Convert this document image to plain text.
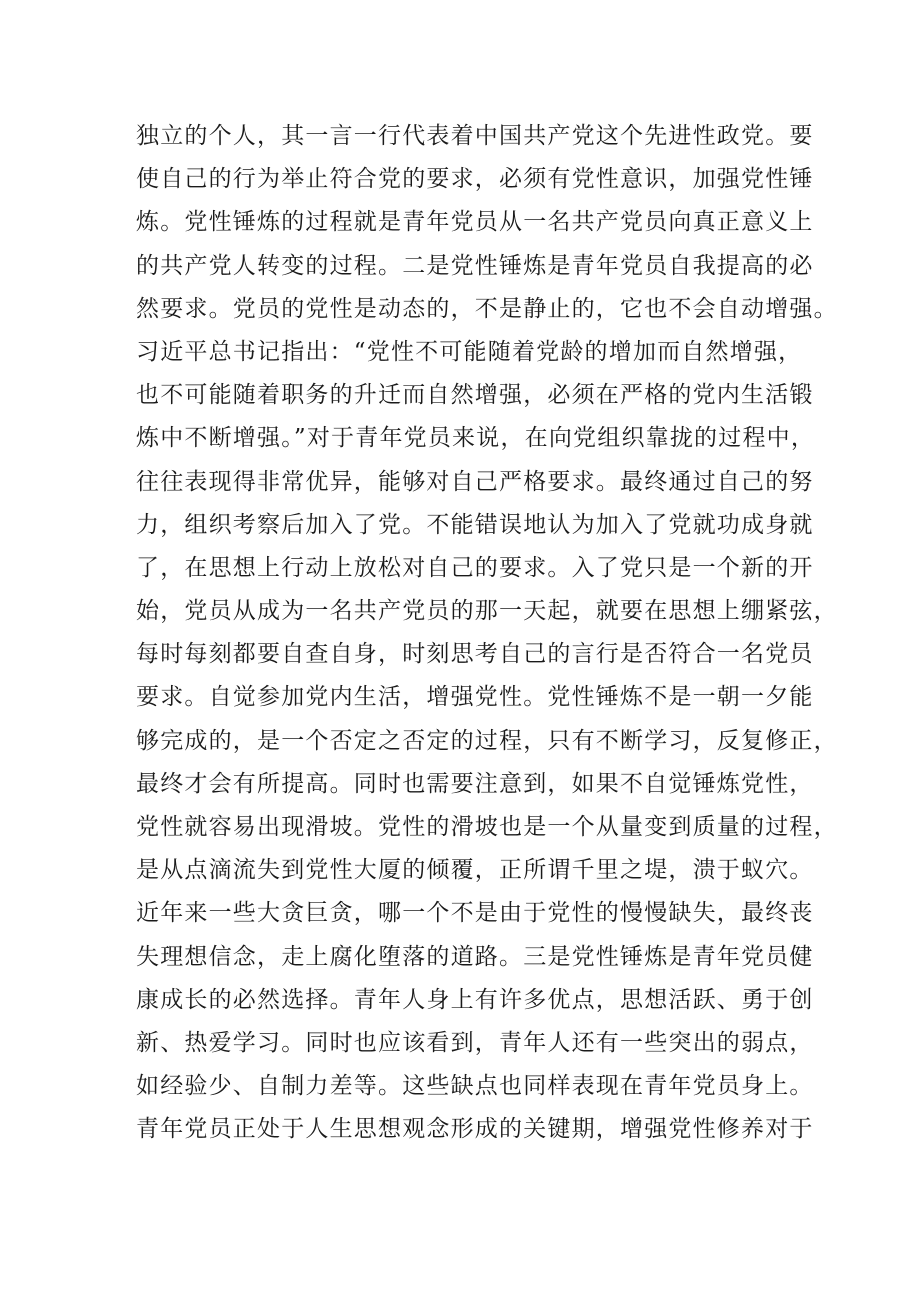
独立的个人，其一言一行代表着中国共产党这个先进性政党。要
使自己的行为举止符合党的要求，必须有党性意识，加强党性锤
炼。党性锤炼的过程就是青年党员从一名共产党员向真正意义上
的共产党人转变的过程。二是党性锤炼是青年党员自我提高的必
然要求。党员的党性是动态的，不是静止的，它也不会自动增强。
习近平总书记指出：“党性不可能随着党龄的增加而自然增强，
也不可能随着职务的升迁而自然增强，必须在严格的党内生活锻
炼中不断增强。”对于青年党员来说，在向党组织靠拢的过程中，
往往表现得非常优异，能够对自己严格要求。最终通过自己的努
力，组织考察后加入了党。不能错误地认为加入了党就功成身就
了，在思想上行动上放松对自己的要求。入了党只是一个新的开
始，党员从成为一名共产党员的那一天起，就要在思想上绷紧弦，
每时每刻都要自查自身，时刻思考自己的言行是否符合一名党员
要求。自觉参加党内生活，增强党性。党性锤炼不是一朝一夕能
够完成的，是一个否定之否定的过程，只有不断学习，反复修正，
最终才会有所提高。同时也需要注意到，如果不自觉锤炼党性，
党性就容易出现滑坡。党性的滑坡也是一个从量变到质量的过程，
是从点滴流失到党性大厦的倾覆，正所谓千里之堤，溃于蚁穴。
近年来一些大贪巨贪，哪一个不是由于党性的慢慢缺失，最终丧
失理想信念，走上腐化堕落的道路。三是党性锤炼是青年党员健
康成长的必然选择。青年人身上有许多优点，思想活跃、勇于创
新、热爱学习。同时也应该看到，青年人还有一些突出的弱点，
如经验少、自制力差等。这些缺点也同样表现在青年党员身上。
青年党员正处于人生思想观念形成的关键期，增强党性修养对于
